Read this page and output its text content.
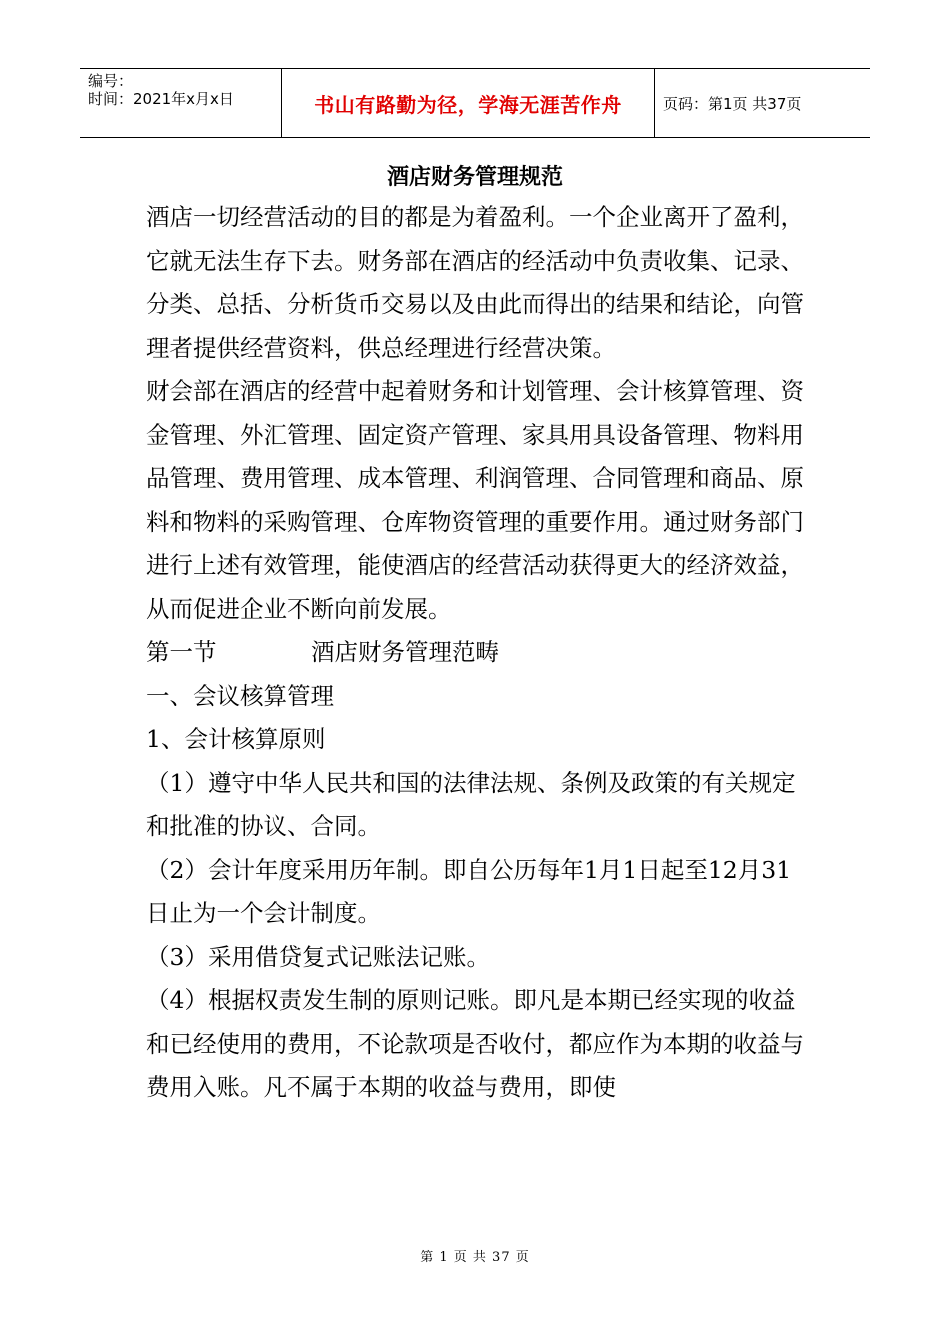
编号：
时间：2021年x月x日	书山有路勤为径，学海无涯苦作舟	页码：第1页 共37页
酒店财务管理规范

酒店一切经营活动的目的都是为着盈利。一个企业离开了盈利，它就无法生存下去。财务部在酒店的经活动中负责收集、记录、分类、总括、分析货币交易以及由此而得出的结果和结论，向管理者提供经营资料，供总经理进行经营决策。

财会部在酒店的经营中起着财务和计划管理、会计核算管理、资金管理、外汇管理、固定资产管理、家具用具设备管理、物料用品管理、费用管理、成本管理、利润管理、合同管理和商品、原料和物料的采购管理、仓库物资管理的重要作用。通过财务部门进行上述有效管理，能使酒店的经营活动获得更大的经济效益，从而促进企业不断向前发展。

第一节	酒店财务管理范畴

一、会议核算管理

1、会计核算原则

（1）遵守中华人民共和国的法律法规、条例及政策的有关规定和批准的协议、合同。

（2）会计年度采用历年制。即自公历每年1月1日起至12月31日止为一个会计制度。

（3）采用借贷复式记账法记账。

（4）根据权责发生制的原则记账。即凡是本期已经实现的收益和已经使用的费用，不论款项是否收付，都应作为本期的收益与费用入账。凡不属于本期的收益与费用，即使

第 1 页 共 37 页
